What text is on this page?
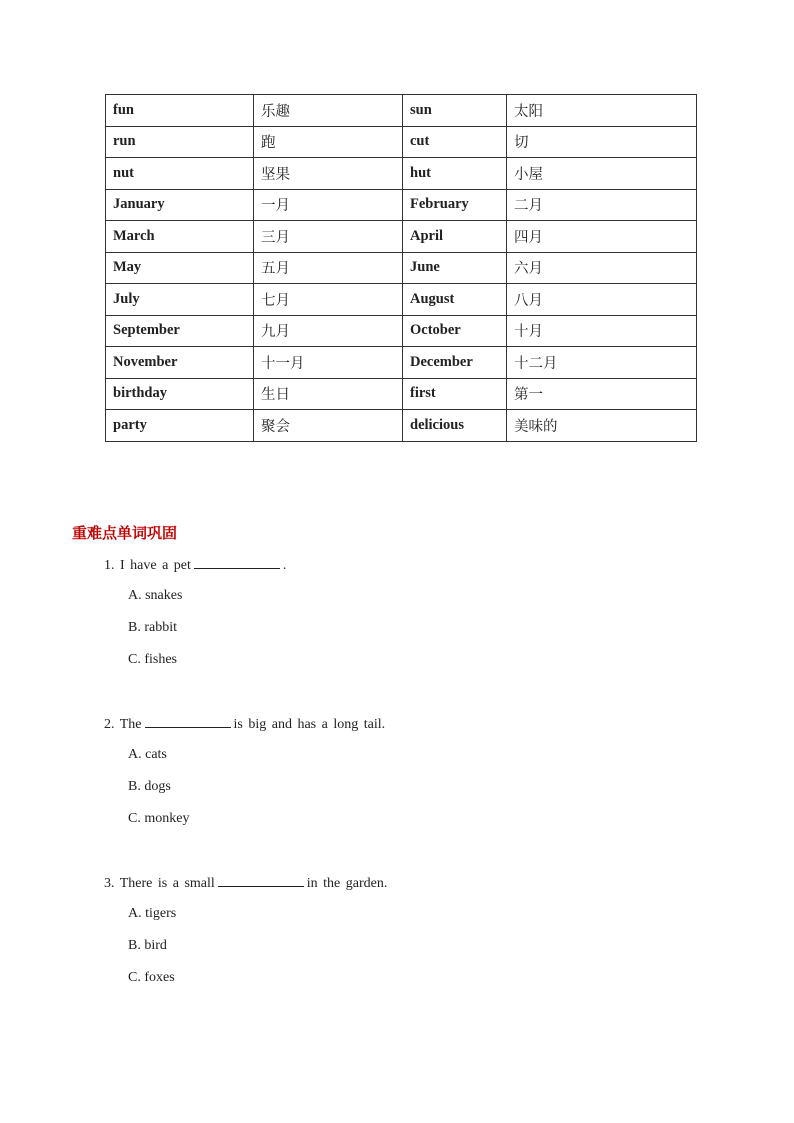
fun	乐趣	sun	太阳
run	跑	cut	切
nut	坚果	hut	小屋
January	一月	February	二月
March	三月	April	四月
May	五月	June	六月
July	七月	August	八月
September	九月	October	十月
November	十一月	December	十二月
birthday	生日	first	第一
party	聚会	delicious	美味的
重难点单词巩固
1. I have a pet	.
A. snakes
B. rabbit
C. fishes
2. The	is big and has a long tail.
A. cats
B. dogs
C. monkey
3. There is a small	in the garden.
A. tigers
B. bird
C. foxes
